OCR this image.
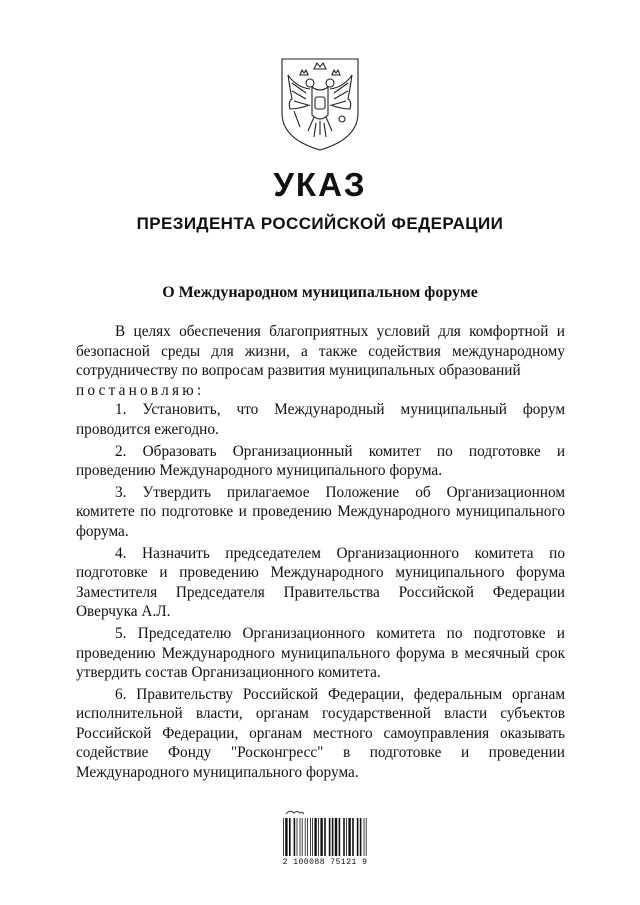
УКАЗ
ПРЕЗИДЕНТА РОССИЙСКОЙ ФЕДЕРАЦИИ
О Международном муниципальном форуме

В целях обеспечения благоприятных условий для комфортной и безопасной среды для жизни, а также содействия международному сотрудничеству по вопросам развития муниципальных образований
постановляю:

1. Установить, что Международный муниципальный форум проводится ежегодно.

2. Образовать Организационный комитет по подготовке и проведению Международного муниципального форума.

3. Утвердить прилагаемое Положение об Организационном комитете по подготовке и проведению Международного муниципального форума.

4. Назначить председателем Организационного комитета по подготовке и проведению Международного муниципального форума Заместителя Председателя Правительства Российской Федерации Оверчука А.Л.

5. Председателю Организационного комитета по подготовке и проведению Международного муниципального форума в месячный срок утвердить состав Организационного комитета.

6. Правительству Российской Федерации, федеральным органам исполнительной власти, органам государственной власти субъектов Российской Федерации, органам местного самоуправления оказывать содействие Фонду "Росконгресс" в подготовке и проведении Международного муниципального форума.

2 100088 75121 9
